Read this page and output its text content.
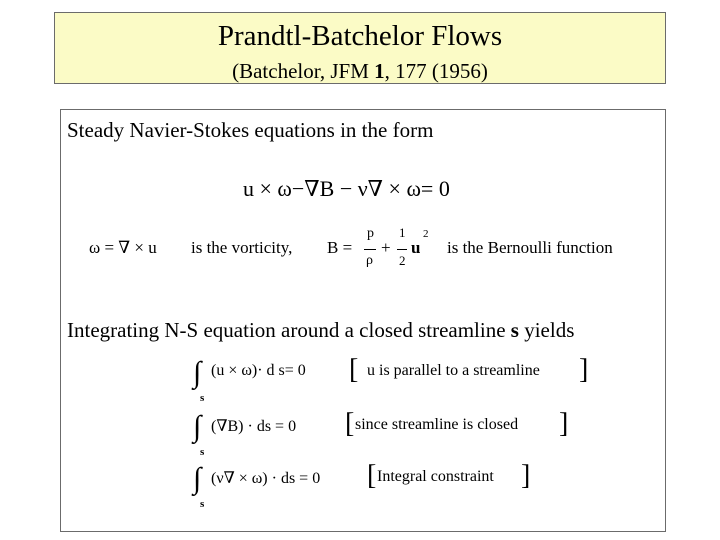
Prandtl-Batchelor Flows
(Batchelor, JFM 1, 177 (1956)
Steady Navier-Stokes equations in the form
u × ω−∇B − ν∇ × ω= 0
ω = ∇ × u is the vorticity, B =
p
ρ
+
1
2
u
2
is the Bernoulli function
Integrating N-S equation around a closed streamline s yields
∫
s
(u × ω)· d s= 0 [ u is parallel to a streamline ]
∫
s
(∇B) · ds = 0 [ since streamline is closed ]
∫
s
(ν∇ × ω) · ds = 0 [ Integral constraint ]
